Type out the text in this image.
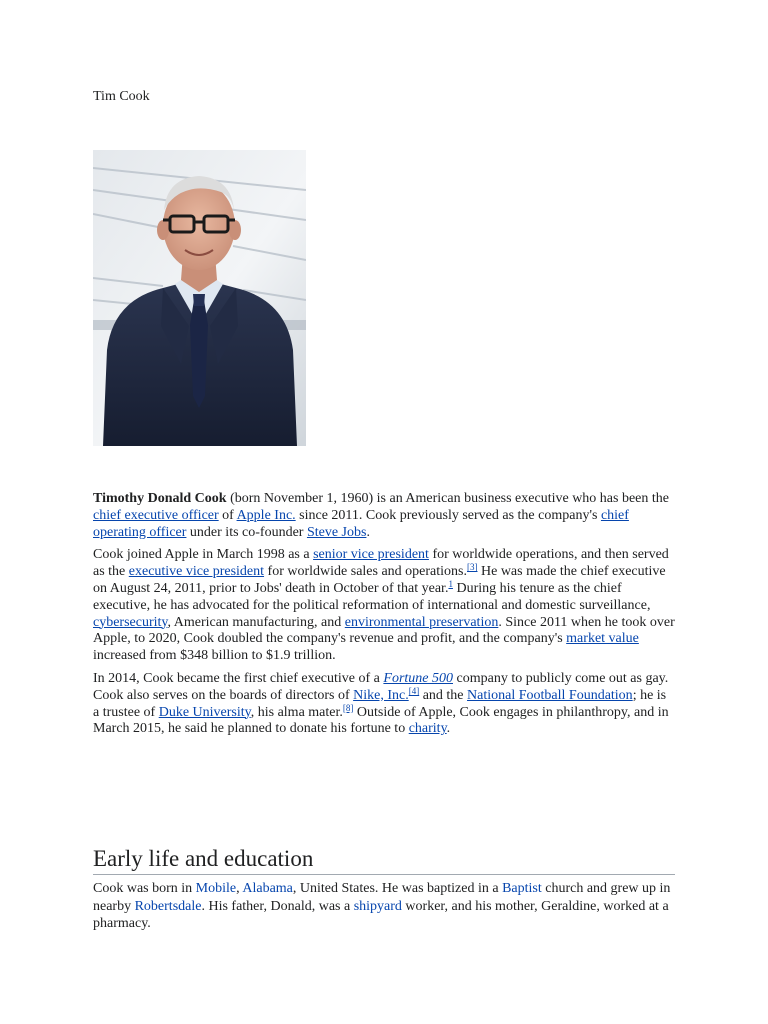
Tim Cook

Timothy Donald Cook (born November 1, 1960) is an American business executive who has been the chief executive officer of Apple Inc. since 2011. Cook previously served as the company's chief operating officer under its co-founder Steve Jobs.

Cook joined Apple in March 1998 as a senior vice president for worldwide operations, and then served as the executive vice president for worldwide sales and operations.[3] He was made the chief executive on August 24, 2011, prior to Jobs' death in October of that year.$^1$ During his tenure as the chief executive, he has advocated for the political reformation of international and domestic surveillance, cybersecurity, American manufacturing, and environmental preservation. Since 2011 when he took over Apple, to 2020, Cook doubled the company's revenue and profit, and the company's market value increased from $348 billion to $1.9 trillion.

In 2014, Cook became the first chief executive of a Fortune 500 company to publicly come out as gay. Cook also serves on the boards of directors of Nike, Inc.[4] and the National Football Foundation; he is a trustee of Duke University, his alma mater.[8] Outside of Apple, Cook engages in philanthropy, and in March 2015, he said he planned to donate his fortune to charity.

Early life and education

Cook was born in Mobile, Alabama, United States. He was baptized in a Baptist church and grew up in nearby Robertsdale. His father, Donald, was a shipyard worker, and his mother, Geraldine, worked at a pharmacy.
